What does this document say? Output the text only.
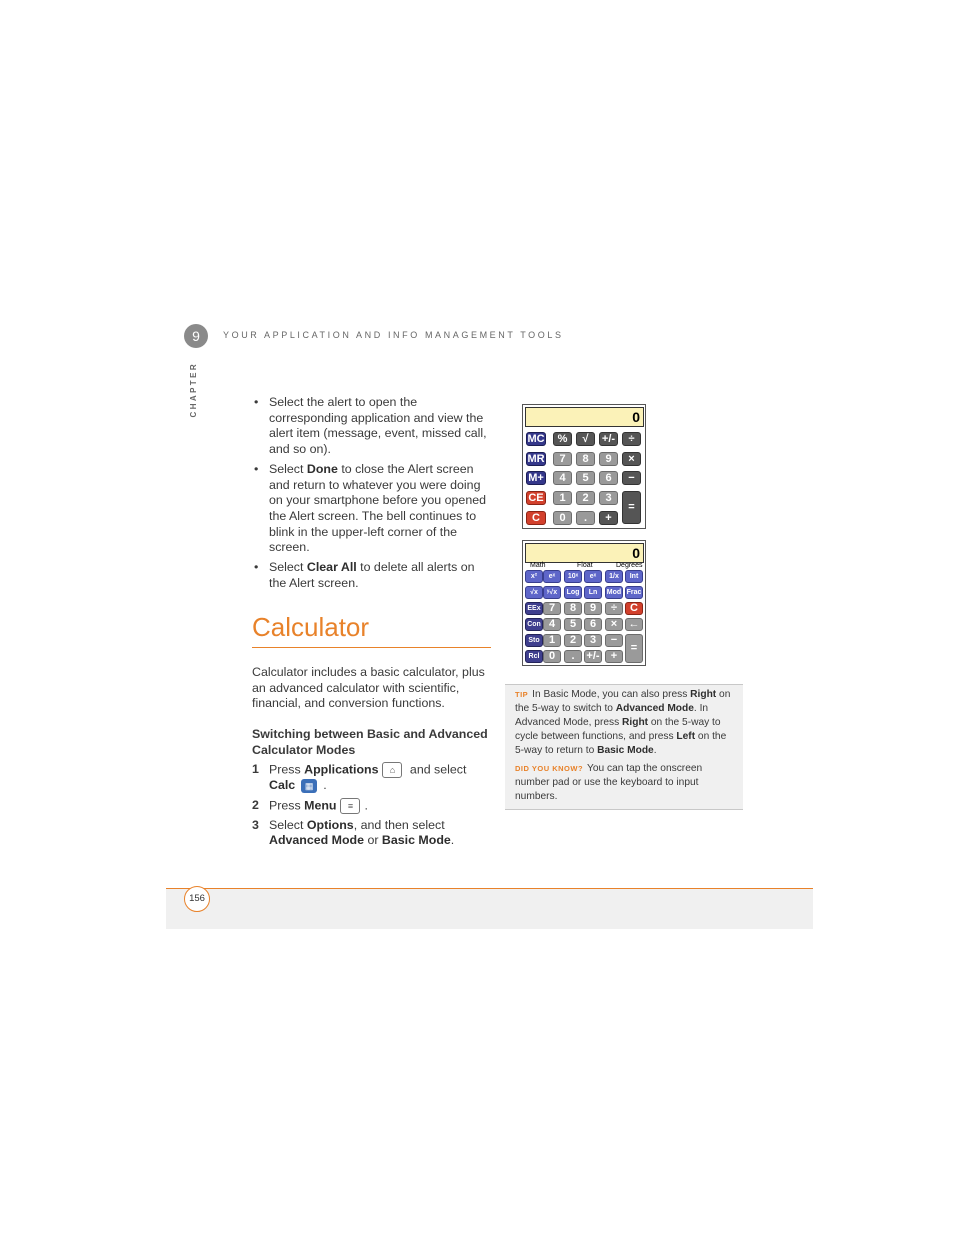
9	YOUR APPLICATION AND INFO MANAGEMENT TOOLS
CHAPTER
•	Select the alert to open the corresponding application and view the alert item (message, event, missed call, and so on).
• Select Done to close the Alert screen and return to whatever you were doing on your smartphone before you opened the Alert screen. The bell continues to blink in the upper-left corner of the screen.
• Select Clear All to delete all alerts on the Alert screen.
Calculator
Calculator includes a basic calculator, plus an advanced calculator with scientific, financial, and conversion functions.
Switching between Basic and Advanced Calculator Modes
1 Press Applications ⌂ and select
Calc ▦ .
2 Press Menu ≡ .
3 Select Options, and then select
Advanced Mode or Basic Mode.
0
MC	%	√	+/-	÷
MR	7	8	9	×
M+	4	5	6	−
CE	1	2	3
=
C	0	.	+
0
Math	Float	Degrees
x²	eˣ	10ˣ	eˣ	1/x	Int
√x	ʸ√x	Log	Ln	Mod Frac
EEx 7	8	9	÷	C
Con 4	5	6	×	←
Sto 1	2	3	−
=
Rcl 0	.	+/-	+
TIP In Basic Mode, you can also press Right on the 5-way to switch to Advanced Mode. In Advanced Mode, press Right on the 5-way to cycle between functions, and press Left on the 5-way to return to Basic Mode.
DID YOU KNOW? You can tap the onscreen number pad or use the keyboard to input numbers.
156
